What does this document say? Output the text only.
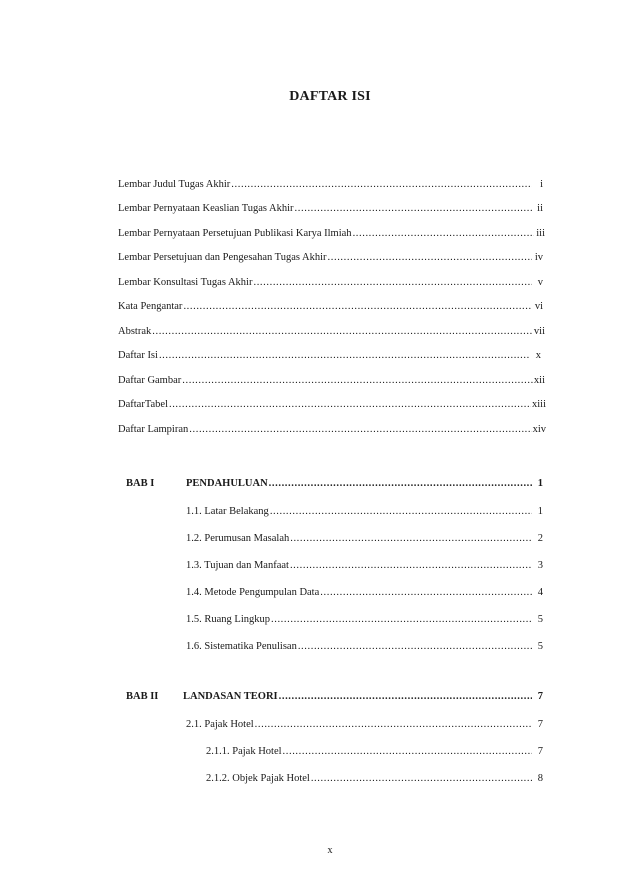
DAFTAR ISI
Lembar Judul Tugas Akhir .....	i
Lembar Pernyataan Keaslian Tugas Akhir .....	ii
Lembar Pernyataan Persetujuan Publikasi Karya Ilmiah .....	iii
Lembar Persetujuan dan Pengesahan Tugas Akhir .....	iv
Lembar Konsultasi Tugas Akhir .....	v
Kata Pengantar .....	vi
Abstrak .....	vii
Daftar Isi .....	x
Daftar Gambar .....	xii
DaftarTabel .....	xiii
Daftar Lampiran .....	xiv
BAB I	PENDAHULUAN .....	1
1.1. Latar Belakang .....	1
1.2. Perumusan Masalah .....	2
1.3. Tujuan dan Manfaat .....	3
1.4. Metode Pengumpulan Data .....	4
1.5. Ruang Lingkup .....	5
1.6. Sistematika Penulisan .....	5
BAB II LANDASAN TEORI .....	7
2.1. Pajak Hotel .....	7
2.1.1. Pajak Hotel .....	7
2.1.2. Objek Pajak Hotel .....	8
x
